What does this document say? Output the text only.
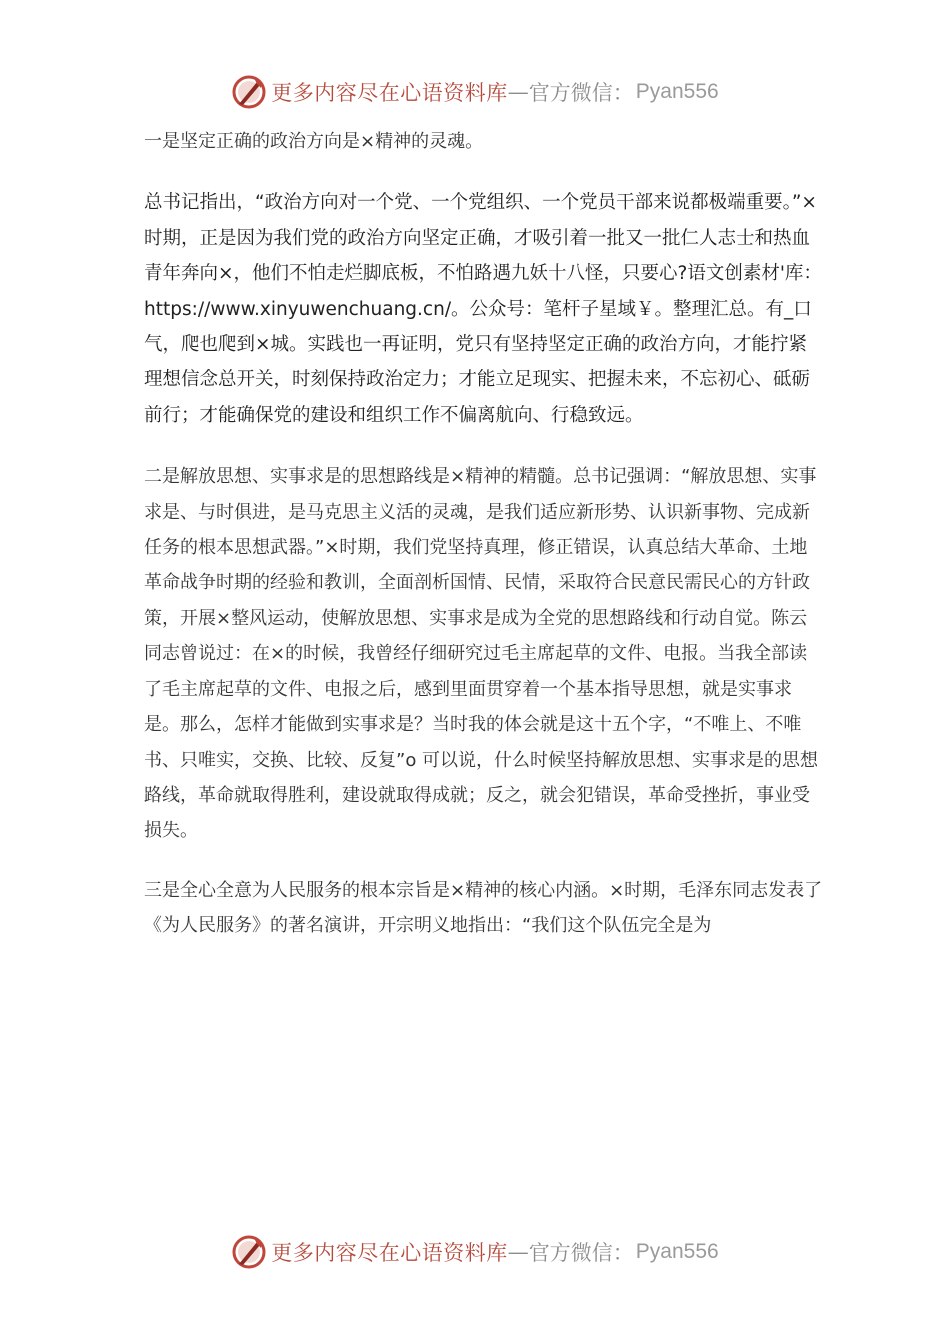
更多内容尽在心语资料库 — 官方微信： Pyan556

一是坚定正确的政治方向是×精神的灵魂。

总书记指出，“政治方向对一个党、一个党组织、一个党员干部来说都极端重要。”×时期，正是因为我们党的政治方向坚定正确，才吸引着一批又一批仁人志士和热血青年奔向×，他们不怕走烂脚底板，不怕路遇九妖十八怪，只要心?语文创素材'库：https://www.xinyuwenchuang.cn/。公众号：笔杆子星域￥。整理汇总。有_口气，爬也爬到×城。实践也一再证明，党只有坚持坚定正确的政治方向，才能拧紧理想信念总开关，时刻保持政治定力；才能立足现实、把握未来，不忘初心、砥砺前行；才能确保党的建设和组织工作不偏离航向、行稳致远。

二是解放思想、实事求是的思想路线是×精神的精髓。总书记强调：“解放思想、实事求是、与时俱进，是马克思主义活的灵魂，是我们适应新形势、认识新事物、完成新任务的根本思想武器。”×时期，我们党坚持真理，修正错误，认真总结大革命、土地革命战争时期的经验和教训，全面剖析国情、民情，采取符合民意民需民心的方针政策，开展×整风运动，使解放思想、实事求是成为全党的思想路线和行动自觉。陈云同志曾说过：在×的时候，我曾经仔细研究过毛主席起草的文件、电报。当我全部读了毛主席起草的文件、电报之后，感到里面贯穿着一个基本指导思想，就是实事求是。那么，怎样才能做到实事求是？当时我的体会就是这十五个字，“不唯上、不唯书、只唯实，交换、比较、反复”o 可以说，什么时候坚持解放思想、实事求是的思想路线，革命就取得胜利，建设就取得成就；反之，就会犯错误，革命受挫折，事业受损失。

三是全心全意为人民服务的根本宗旨是×精神的核心内涵。×时期，毛泽东同志发表了《为人民服务》的著名演讲，开宗明义地指出：“我们这个队伍完全是为

更多内容尽在心语资料库 — 官方微信： Pyan556
